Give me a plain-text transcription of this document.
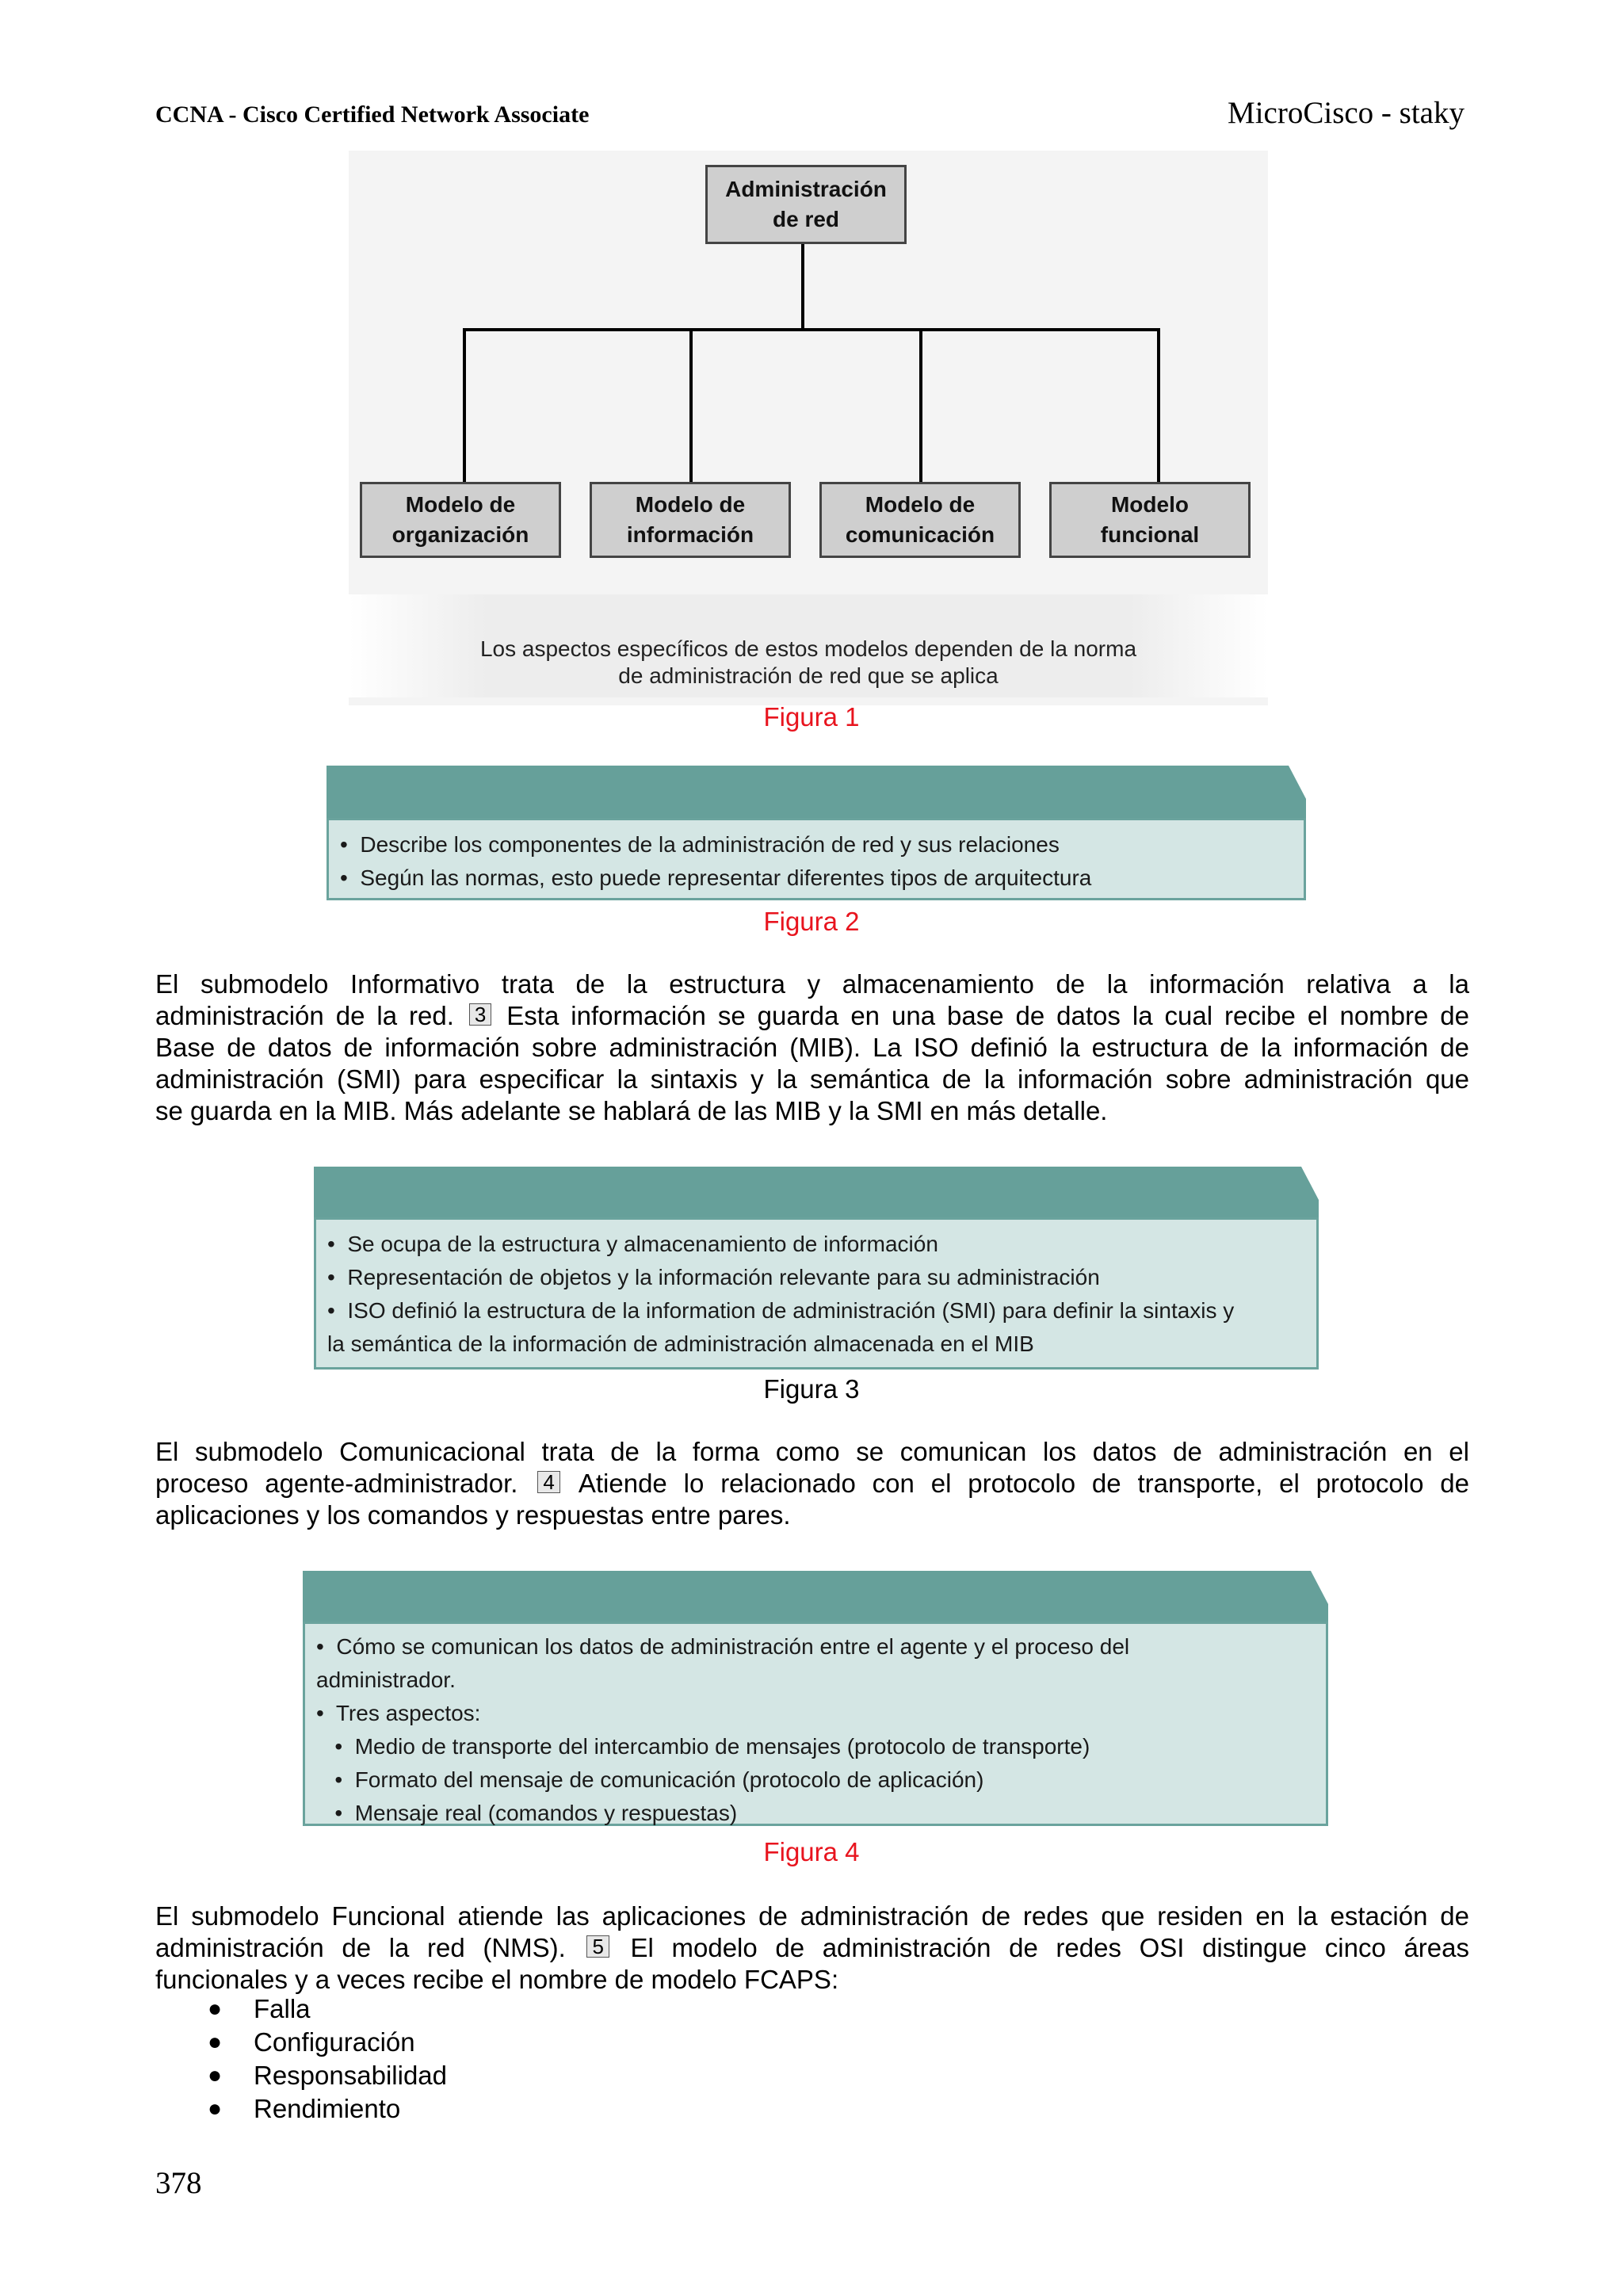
CCNA - Cisco Certified Network Associate	MicroCisco - staky
Administración
de red
Modelo de
organización
Modelo de
información
Modelo de
comunicación
Modelo
funcional
Los aspectos específicos de estos modelos dependen de la norma
de administración de red que se aplica
Figura 1
•  Describe los componentes de la administración de red y sus relaciones
•  Según las normas, esto puede representar diferentes tipos de arquitectura
Figura 2
El submodelo Informativo trata de la estructura y almacenamiento de la información relativa a la
administración de la red. 3 Esta información se guarda en una base de datos la cual recibe el nombre de
Base de datos de información sobre administración (MIB). La ISO definió la estructura de la información de
administración (SMI) para especificar la sintaxis y la semántica de la información sobre administración que
se guarda en la MIB. Más adelante se hablará de las MIB y la SMI en más detalle.
•  Se ocupa de la estructura y almacenamiento de información
•  Representación de objetos y la información relevante para su administración
•  ISO definió la estructura de la information de administración (SMI) para definir la sintaxis y
la semántica de la información de administración almacenada en el MIB
Figura 3
El submodelo Comunicacional trata de la forma como se comunican los datos de administración en el
proceso agente-administrador. 4 Atiende lo relacionado con el protocolo de transporte, el protocolo de
aplicaciones y los comandos y respuestas entre pares.
•  Cómo se comunican los datos de administración entre el agente y el proceso del
administrador.
•  Tres aspectos:
•  Medio de transporte del intercambio de mensajes (protocolo de transporte)
•  Formato del mensaje de comunicación (protocolo de aplicación)
•  Mensaje real (comandos y respuestas)
Figura 4
El submodelo Funcional atiende las aplicaciones de administración de redes que residen en la estación de
administración de la red (NMS). 5 El modelo de administración de redes OSI distingue cinco áreas
funcionales y a veces recibe el nombre de modelo FCAPS:
●	Falla
●	Configuración
●	Responsabilidad
●	Rendimiento
378
